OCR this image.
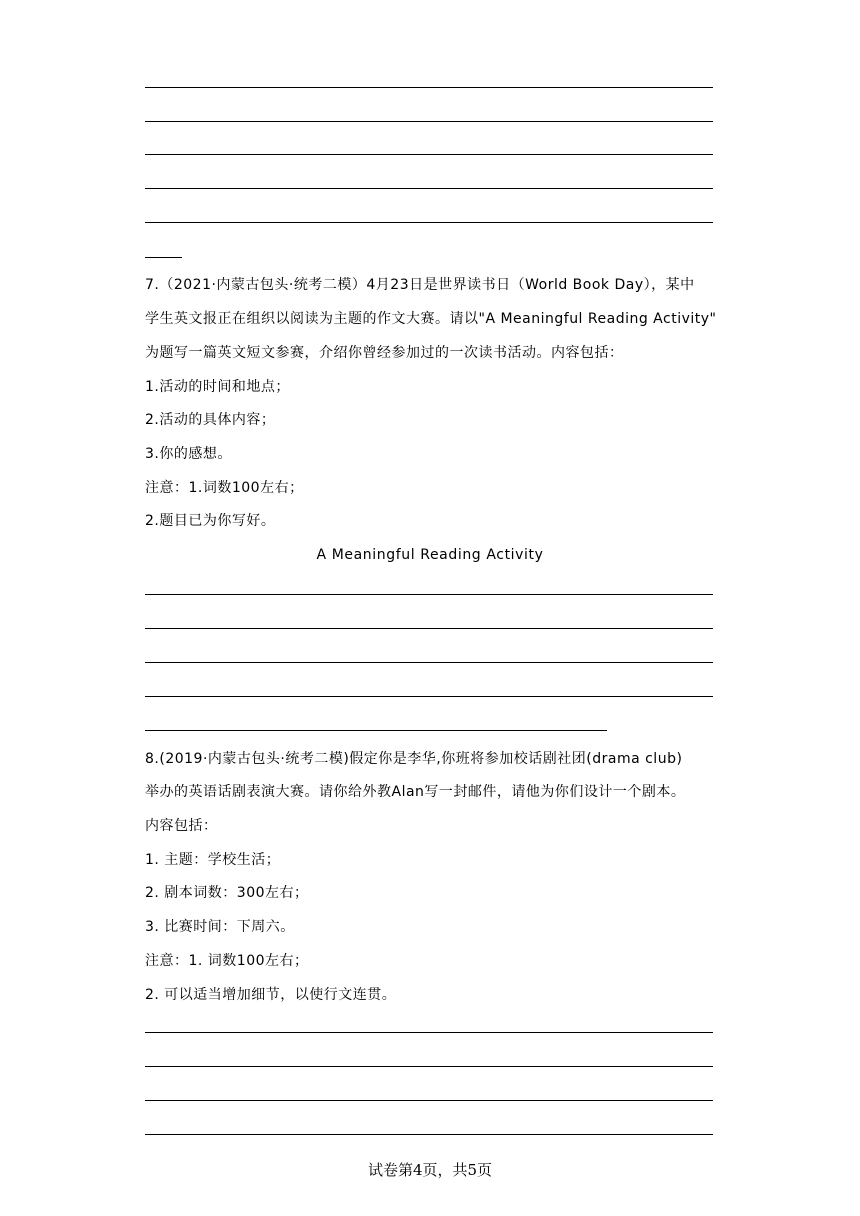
7.（2021·内蒙古包头·统考二模）4月23日是世界读书日（World Book Day），某中
学生英文报正在组织以阅读为主题的作文大赛。请以"A Meaningful Reading Activity"
为题写一篇英文短文参赛，介绍你曾经参加过的一次读书活动。内容包括：
1.活动的时间和地点；
2.活动的具体内容；
3.你的感想。
注意：1.词数100左右；
2.题目已为你写好。
A Meaningful Reading Activity
8.(2019·内蒙古包头·统考二模)假定你是李华,你班将参加校话剧社团(drama club)
举办的英语话剧表演大赛。请你给外教Alan写一封邮件，请他为你们设计一个剧本。
内容包括：
1. 主题：学校生活；
2. 剧本词数：300左右；
3. 比赛时间：下周六。
注意：1. 词数100左右；
2. 可以适当增加细节，以使行文连贯。
试卷第4页，共5页
